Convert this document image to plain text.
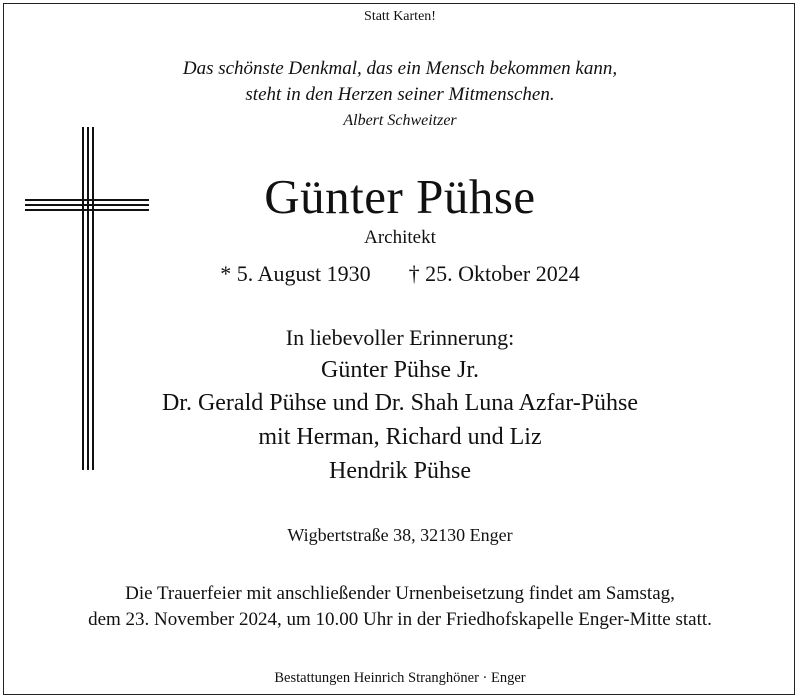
Statt Karten!
Das schönste Denkmal, das ein Mensch bekommen kann,
steht in den Herzen seiner Mitmenschen.
Albert Schweitzer
Günter Pühse
Architekt
* 5. August 1930 † 25. Oktober 2024
In liebevoller Erinnerung:
Günter Pühse Jr.
Dr. Gerald Pühse und Dr. Shah Luna Azfar-Pühse
mit Herman, Richard und Liz
Hendrik Pühse
Wigbertstraße 38, 32130 Enger
Die Trauerfeier mit anschließender Urnenbeisetzung findet am Samstag,
dem 23. November 2024, um 10.00 Uhr in der Friedhofskapelle Enger-Mitte statt.
Bestattungen Heinrich Stranghöner · Enger
